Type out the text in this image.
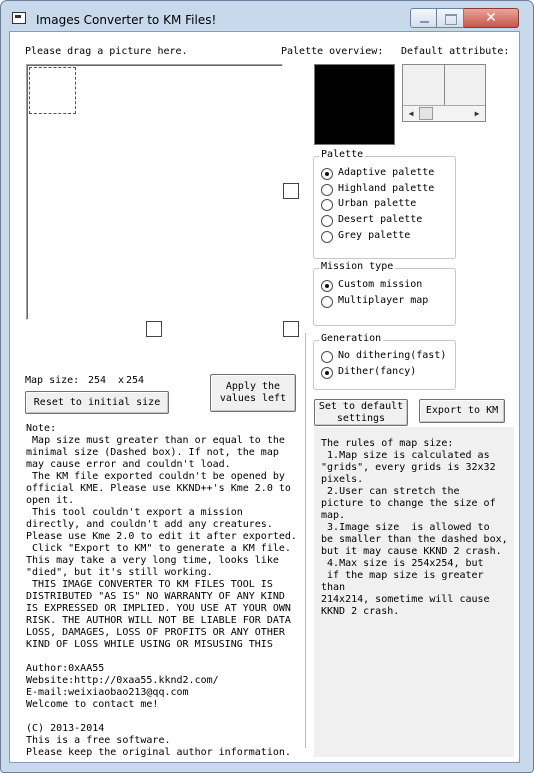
Images Converter to KM Files!	✕
Please drag a picture here.	Palette overview: Default attribute:
◀	▶
Palette
Adaptive palette
Highland palette
Urban palette
Desert palette
Grey palette
Mission type
Custom mission
Multiplayer map
Generation
No dithering(fast)
Dither(fancy)
Map size:
254	x
254
Reset to initial size
Apply the
values left
Set to default
settings
Export to KM
Note:
Map size must greater than or equal to the
minimal size (Dashed box). If not, the map
may cause error and couldn't load.
The KM file exported couldn't be opened by
official KME. Please use KKND++'s Kme 2.0 to
open it.
This tool couldn't export a mission
directly, and couldn't add any creatures.
Please use Kme 2.0 to edit it after exported.
Click "Export to KM" to generate a KM file.
This may take a very long time, looks like
"died", but it's still working.
THIS IMAGE CONVERTER TO KM FILES TOOL IS
DISTRIBUTED "AS IS" NO WARRANTY OF ANY KIND
IS EXPRESSED OR IMPLIED. YOU USE AT YOUR OWN
RISK. THE AUTHOR WILL NOT BE LIABLE FOR DATA
LOSS, DAMAGES, LOSS OF PROFITS OR ANY OTHER
KIND OF LOSS WHILE USING OR MISUSING THIS

Author:0xAA55
Website:http://0xaa55.kknd2.com/
E-mail:weixiaobao213@qq.com
Welcome to contact me!

(C) 2013-2014
This is a free software.
Please keep the original author information.
The rules of map size:
1.Map size is calculated as
"grids", every grids is 32x32
pixels.
2.User can stretch the
picture to change the size of
map.
3.Image size  is allowed to
be smaller than the dashed box,
but it may cause KKND 2 crash.
4.Max size is 254x254, but
if the map size is greater than
214x214, sometime will cause
KKND 2 crash.
